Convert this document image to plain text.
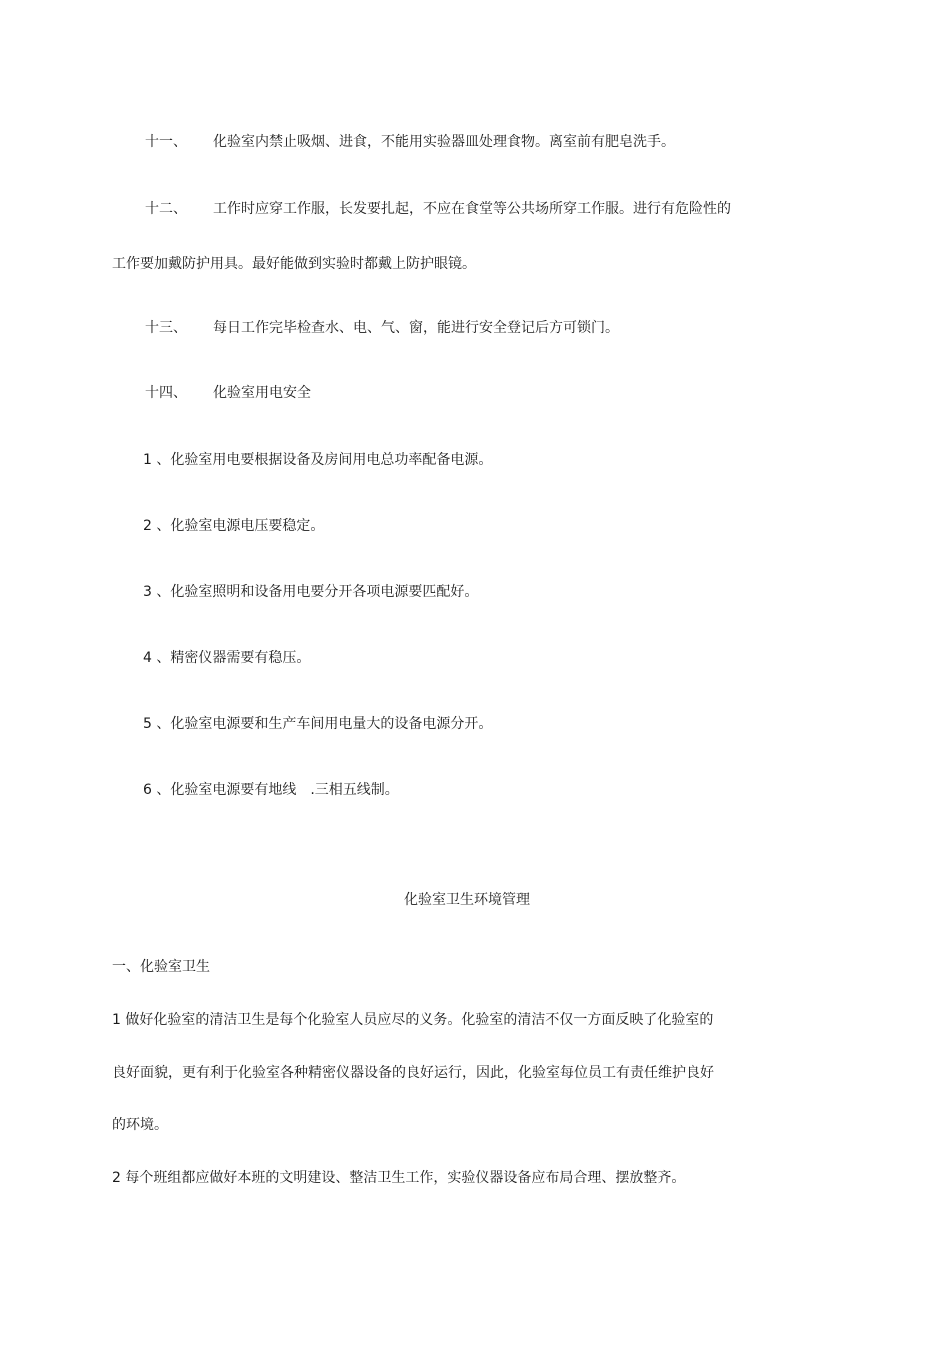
十一、 化验室内禁止吸烟、进食，不能用实验器皿处理食物。离室前有肥皂洗手。
十二、 工作时应穿工作服，长发要扎起，不应在食堂等公共场所穿工作服。进行有危险性的
工作要加戴防护用具。最好能做到实验时都戴上防护眼镜。
十三、 每日工作完毕检查水、电、气、窗，能进行安全登记后方可锁门。
十四、 化验室用电安全
1 、化验室用电要根据设备及房间用电总功率配备电源。
2 、化验室电源电压要稳定。
3 、化验室照明和设备用电要分开各项电源要匹配好。
4 、精密仪器需要有稳压。
5 、化验室电源要和生产车间用电量大的设备电源分开。
6 、化验室电源要有地线　.三相五线制。
化验室卫生环境管理
一、化验室卫生
1 做好化验室的清洁卫生是每个化验室人员应尽的义务。化验室的清洁不仅一方面反映了化验室的
良好面貌，更有利于化验室各种精密仪器设备的良好运行，因此，化验室每位员工有责任维护良好
的环境。
2 每个班组都应做好本班的文明建设、整洁卫生工作，实验仪器设备应布局合理、摆放整齐。
